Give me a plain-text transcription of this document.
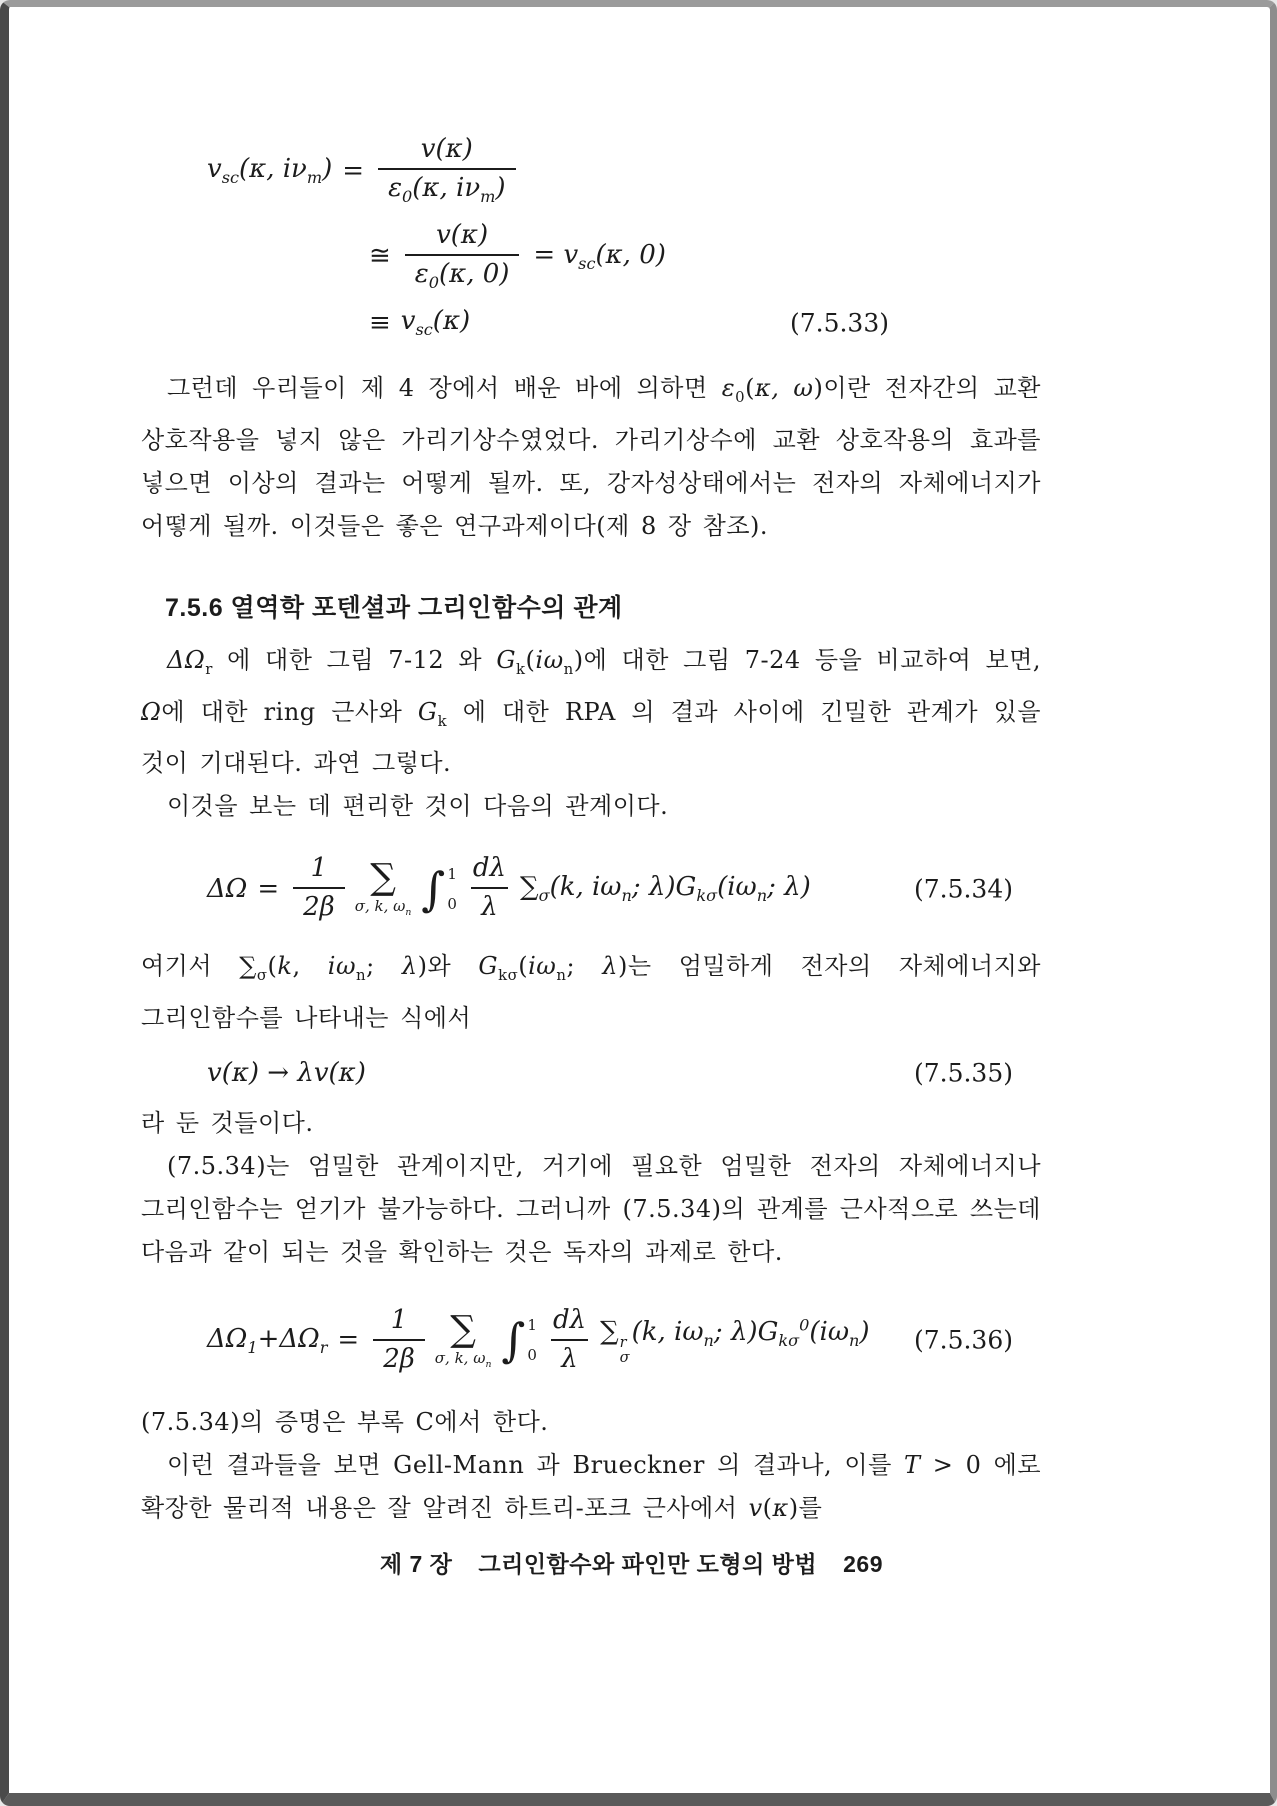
$v_{sc}(\kappa$, $i\nu_m) = \frac{v(\kappa)}{\varepsilon_0(\kappa, i\nu_m)}$
≅ $\frac{v(\kappa)}{\varepsilon_0(\kappa, 0)} = v_{sc}(\kappa$, 0)
≡ $v_{sc}(\kappa)$	(7.5.33)

그런데 우리들이 제 4 장에서 배운 바에 의하면 $\varepsilon_0(\kappa$, ω)이란 전자간의 교환 상호작용을 넣지 않은 가리기상수였었다. 가리기상수에 교환 상호작용의 효과를 넣으면 이상의 결과는 어떻게 될까. 또, 강자성상태에서는 전자의 자체에너지가 어떻게 될까. 이것들은 좋은 연구과제이다(제 8 장 참조).

7.5.6 열역학 포텐셜과 그리인함수의 관계

$\Delta\Omega_r$ 에 대한 그림 7-12 와 $G_k(i\omega_n)$에 대한 그림 7-24 등을 비교하여 보면, Ω에 대한 ring 근사와 $G_k$ 에 대한 RPA 의 결과 사이에 긴밀한 관계가 있을 것이 기대된다. 과연 그렇다.

이것을 보는 데 편리한 것이 다음의 관계이다.

$\Delta\Omega = \frac{1}{2\beta}$ ∑
σ, k, $\omega_n$ ∫ 1
$0 \frac{d\lambda}{\lambda} \sum_\sigma(k$, $i\omega_n$; $\lambda)G_{k\sigma}(i\omega_n$; λ)	(7.5.34)

여기서 $\sum_\sigma(k$, $i\omega_n$; λ)와 $G_{k\sigma}(i\omega_n$; λ)는 엄밀하게 전자의 자체에너지와 그리인함수를 나타내는 식에서

v(κ) → λv(κ)	(7.5.35)

라 둔 것들이다.

(7.5.34)는 엄밀한 관계이지만, 거기에 필요한 엄밀한 전자의 자체에너지나 그리인함수는 얻기가 불가능하다. 그러니까 (7.5.34)의 관계를 근사적으로 쓰는데 다음과 같이 되는 것을 확인하는 것은 독자의 과제로 한다.

$\Delta\Omega_1+\Delta\Omega_r = \frac{1}{2\beta}$ ∑
σ, k, $\omega_n$ ∫ 1
$0 \frac{d\lambda}{\lambda}$ ∑ r
σ
(k, $i\omega_n$; $\lambda)G_{k\sigma}^0(i\omega_n)$ (7.5.36)

(7.5.34)의 증명은 부록 C에서 한다.

이런 결과들을 보면 Gell-Mann 과 Brueckner 의 결과나, 이를 T > 0 에로 확장한 물리적 내용은 잘 알려진 하트리-포크 근사에서 v(κ)를

제 7 장 그리인함수와 파인만 도형의 방법 269
